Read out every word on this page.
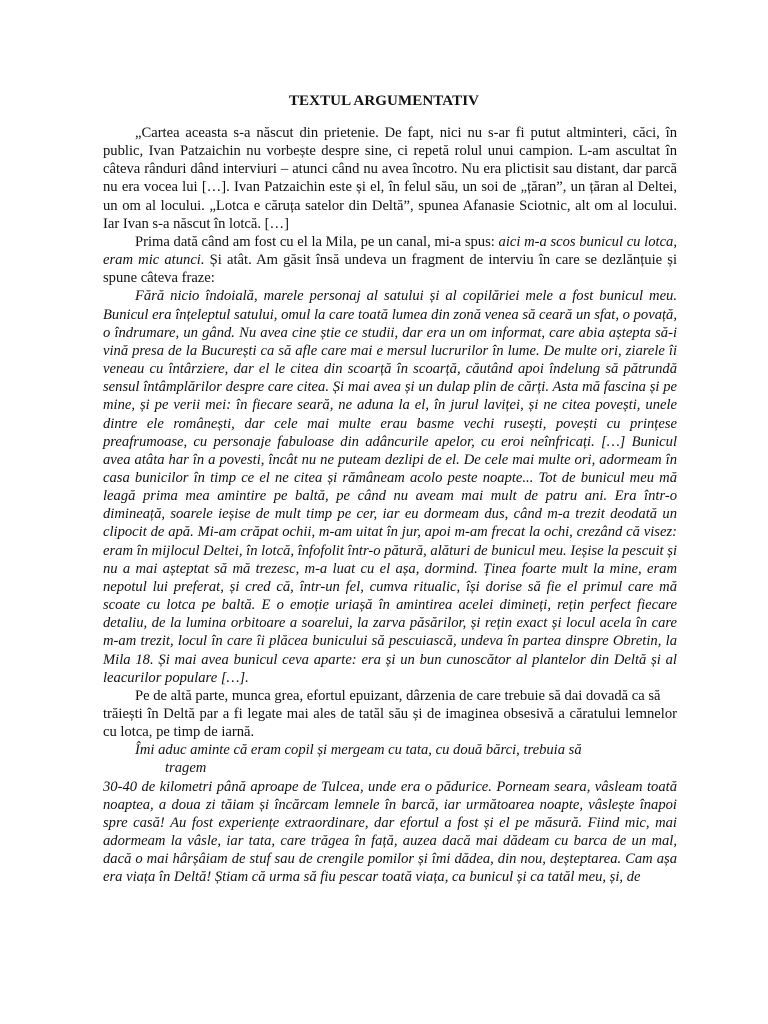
TEXTUL ARGUMENTATIV

„Cartea aceasta s-a născut din prietenie. De fapt, nici nu s-ar fi putut altminteri, căci, în public, Ivan Patzaichin nu vorbește despre sine, ci repetă rolul unui campion. L-am ascultat în câteva rânduri dând interviuri – atunci când nu avea încotro. Nu era plictisit sau distant, dar parcă nu era vocea lui […]. Ivan Patzaichin este și el, în felul său, un soi de „țăran”, un țăran al Deltei, un om al locului. „Lotca e căruța satelor din Deltă”, spunea Afanasie Sciotnic, alt om al locului. Iar Ivan s-a născut în lotcă. […]

Prima dată când am fost cu el la Mila, pe un canal, mi-a spus: aici m-a scos bunicul cu lotca, eram mic atunci. Și atât. Am găsit însă undeva un fragment de interviu în care se dezlănțuie și spune câteva fraze:

Fără nicio îndoială, marele personaj al satului și al copilăriei mele a fost bunicul meu. Bunicul era înțeleptul satului, omul la care toată lumea din zonă venea să ceară un sfat, o povață, o îndrumare, un gând. Nu avea cine știe ce studii, dar era un om informat, care abia aștepta să-i vină presa de la București ca să afle care mai e mersul lucrurilor în lume. De multe ori, ziarele îi veneau cu întârziere, dar el le citea din scoarță în scoarță, căutând apoi îndelung să pătrundă sensul întâmplărilor despre care citea. Și mai avea și un dulap plin de cărți. Asta mă fascina și pe mine, și pe verii mei: în fiecare seară, ne aduna la el, în jurul laviței, și ne citea povești, unele dintre ele românești, dar cele mai multe erau basme vechi rusești, povești cu prințese preafrumoase, cu personaje fabuloase din adâncurile apelor, cu eroi neînfricați. […] Bunicul avea atâta har în a povesti, încât nu ne puteam dezlipi de el. De cele mai multe ori, adormeam în casa bunicilor în timp ce el ne citea și rămâneam acolo peste noapte... Tot de bunicul meu mă leagă prima mea amintire pe baltă, pe când nu aveam mai mult de patru ani. Era într-o dimineață, soarele ieșise de mult timp pe cer, iar eu dormeam dus, când m-a trezit deodată un clipocit de apă. Mi-am crăpat ochii, m-am uitat în jur, apoi m-am frecat la ochi, crezând că visez: eram în mijlocul Deltei, în lotcă, înfofolit într-o pătură, alături de bunicul meu. Ieșise la pescuit și nu a mai așteptat să mă trezesc, m-a luat cu el așa, dormind. Ținea foarte mult la mine, eram nepotul lui preferat, și cred că, într-un fel, cumva ritualic, își dorise să fie el primul care mă scoate cu lotca pe baltă. E o emoție uriașă în amintirea acelei dimineți, rețin perfect fiecare detaliu, de la lumina orbitoare a soarelui, la zarva păsărilor, și rețin exact și locul acela în care m-am trezit, locul în care îi plăcea bunicului să pescuiască, undeva în partea dinspre Obretin, la Mila 18. Și mai avea bunicul ceva aparte: era și un bun cunoscător al plantelor din Deltă și al leacurilor populare […].

Pe de altă parte, munca grea, efortul epuizant, dârzenia de care trebuie să dai dovadă ca să

trăiești în Deltă par a fi legate mai ales de tatăl său și de imaginea obsesivă a căratului lemnelor cu lotca, pe timp de iarnă.

Îmi aduc aminte că eram copil și mergeam cu tata, cu două bărci, trebuia să

tragem

30-40 de kilometri până aproape de Tulcea, unde era o pădurice. Porneam seara, vâsleam toată noaptea, a doua zi tăiam și încărcam lemnele în barcă, iar următoarea noapte, vâslește înapoi spre casă! Au fost experiențe extraordinare, dar efortul a fost și el pe măsură. Fiind mic, mai adormeam la vâsle, iar tata, care trăgea în față, auzea dacă mai dădeam cu barca de un mal, dacă o mai hârșâiam de stuf sau de crengile pomilor și îmi dădea, din nou, deșteptarea. Cam așa era viața în Deltă! Știam că urma să fiu pescar toată viața, ca bunicul și ca tatăl meu, și, de
